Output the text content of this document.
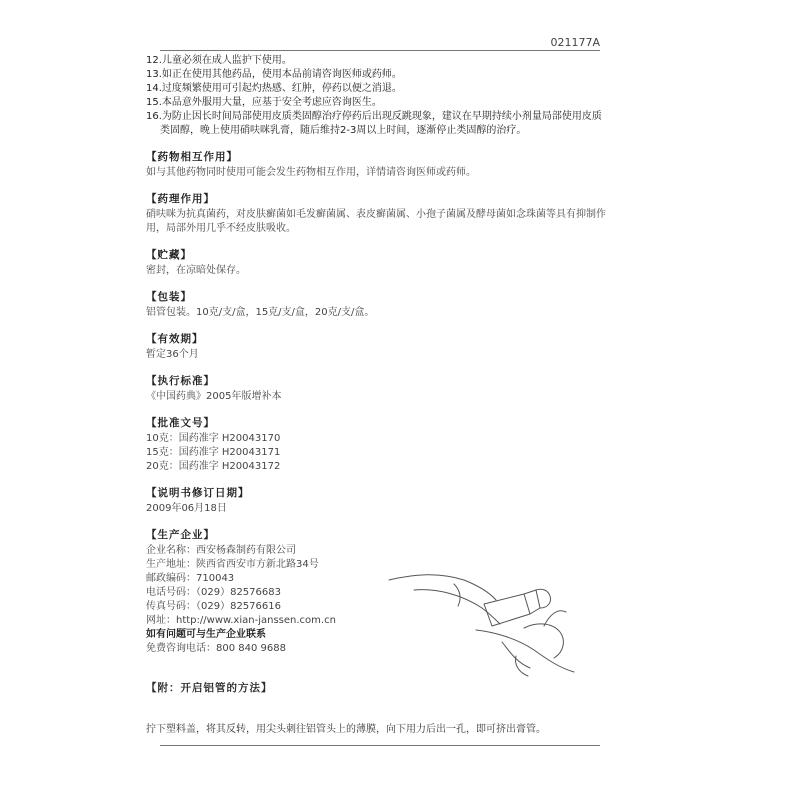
021177A
12.儿童必须在成人监护下使用。
13.如正在使用其他药品，使用本品前请咨询医师或药师。
14.过度频繁使用可引起灼热感、红肿，停药以便之消退。
15.本品意外服用大量，应基于安全考虑应咨询医生。
16.为防止因长时间局部使用皮质类固醇治疗停药后出现反跳现象，建议在早期持续小剂量局部使用皮质类固醇，晚上使用硝呋咪乳膏，随后维持2-3周以上时间，逐渐停止类固醇的治疗。
【药物相互作用】
如与其他药物同时使用可能会发生药物相互作用，详情请咨询医师或药师。
【药理作用】
硝呋咪为抗真菌药，对皮肤癣菌如毛发癣菌属、表皮癣菌属、小孢子菌属及酵母菌如念珠菌等具有抑制作用，局部外用几乎不经皮肤吸收。
【贮藏】
密封，在凉暗处保存。
【包装】
铝管包装。10克/支/盒，15克/支/盒，20克/支/盒。
【有效期】
暂定36个月
【执行标准】
《中国药典》2005年版增补本
【批准文号】
10克：国药准字 H20043170
15克：国药准字 H20043171
20克：国药准字 H20043172
【说明书修订日期】
2009年06月18日
【生产企业】
企业名称：西安杨森制药有限公司
生产地址：陕西省西安市方新北路34号
邮政编码：710043
电话号码：（029）82576683
传真号码：（029）82576616
网址：http://www.xian-janssen.com.cn
如有问题可与生产企业联系
免费咨询电话：800 840 9688
【附：开启铝管的方法】
拧下塑料盖，将其反转，用尖头刺往铝管头上的薄膜，向下用力后出一孔，即可挤出膏管。
